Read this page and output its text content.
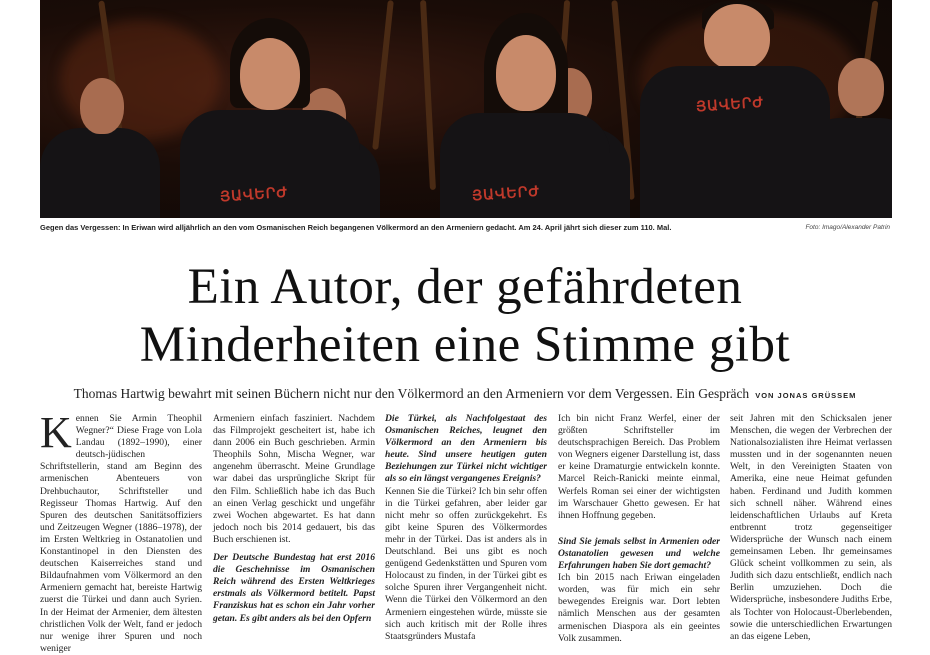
ՅԱՎԵՐԺ	ՅԱՎԵՐԺ
ՅԱՎԵՐԺ
Gegen das Vergessen: In Eriwan wird alljährlich an den vom Osmanischen Reich begangenen Völkermord an den Armeniern gedacht. Am 24. April jährt sich dieser zum 110. Mal.	Foto: Imago/Alexander Patrin
Ein Autor, der gefährdeten
Minderheiten eine Stimme gibt
Thomas Hartwig bewahrt mit seinen Büchern nicht nur den Völkermord an den Armeniern vor dem Vergessen. Ein Gespräch VON JONAS GRÜSSEM
K ennen Sie Armin Theophil Wegner?“ Diese Frage von Lola Landau (1892–1990), einer deutsch-jüdischen Schriftstellerin, stand am Beginn des armenischen Abenteuers von Drehbuchautor, Schriftsteller und Regisseur Thomas Hartwig. Auf den Spuren des deutschen Sanitätsoffiziers und Zeitzeugen Wegner (1886–1978), der im Ersten Weltkrieg in Ostanatolien und Konstantinopel in den Diensten des deutschen Kaiserreiches stand und Bildaufnahmen vom Völkermord an den Armeniern gemacht hat, bereiste Hartwig zuerst die Türkei und dann auch Syrien. In der Heimat der Armenier, dem ältesten christlichen Volk der Welt, fand er jedoch nur wenige ihrer Spuren und noch weniger

Armeniern einfach fasziniert. Nachdem das Filmprojekt gescheitert ist, habe ich dann 2006 ein Buch geschrieben. Armin Theophils Sohn, Mischa Wegner, war angenehm überrascht. Meine Grundlage war dabei das ursprüngliche Skript für den Film. Schließlich habe ich das Buch an einen Verlag geschickt und ungefähr zwei Wochen abgewartet. Es hat dann jedoch noch bis 2014 gedauert, bis das Buch erschienen ist.

Der Deutsche Bundestag hat erst 2016 die Geschehnisse im Osmanischen Reich während des Ersten Weltkrieges erstmals als Völkermord betitelt. Papst Franziskus hat es schon ein Jahr vorher getan. Es gibt anders als bei den Opfern

Die Türkei, als Nachfolgestaat des Osmanischen Reiches, leugnet den Völkermord an den Armeniern bis heute. Sind unsere heutigen guten Beziehungen zur Türkei nicht wichtiger als so ein längst vergangenes Ereignis?

Kennen Sie die Türkei? Ich bin sehr offen in die Türkei gefahren, aber leider gar nicht mehr so offen zurückgekehrt. Es gibt keine Spuren des Völkermordes mehr in der Türkei. Das ist anders als in Deutschland. Bei uns gibt es noch genügend Gedenkstätten und Spuren vom Holocaust zu finden, in der Türkei gibt es solche Spuren ihrer Vergangenheit nicht. Wenn die Türkei den Völkermord an den Armeniern eingestehen würde, müsste sie sich auch kritisch mit der Rolle ihres Staatsgründers Mustafa

Ich bin nicht Franz Werfel, einer der größten Schriftsteller im deutschsprachigen Bereich. Das Problem von Wegners eigener Darstellung ist, dass er keine Dramaturgie entwickeln konnte. Marcel Reich-Ranicki meinte einmal, Werfels Roman sei einer der wichtigsten im Warschauer Ghetto gewesen. Er hat ihnen Hoffnung gegeben.

Sind Sie jemals selbst in Armenien oder Ostanatolien gewesen und welche Erfahrungen haben Sie dort gemacht?

Ich bin 2015 nach Eriwan eingeladen worden, was für mich ein sehr bewegendes Ereignis war. Dort lebten nämlich Menschen aus der gesamten armenischen Diaspora als ein geeintes Volk zusammen.

seit Jahren mit den Schicksalen jener Menschen, die wegen der Verbrechen der Nationalsozialisten ihre Heimat verlassen mussten und in der sogenannten neuen Welt, in den Vereinigten Staaten von Amerika, eine neue Heimat gefunden haben. Ferdinand und Judith kommen sich schnell näher. Während eines leidenschaftlichen Urlaubs auf Kreta entbrennt trotz gegenseitiger Widersprüche der Wunsch nach einem gemeinsamen Leben. Ihr gemeinsames Glück scheint vollkommen zu sein, als Judith sich dazu entschließt, endlich nach Berlin umzuziehen. Doch die Widersprüche, insbesondere Judiths Erbe, als Tochter von Holocaust-Überlebenden, sowie die unterschiedlichen Erwartungen an das eigene Leben,
